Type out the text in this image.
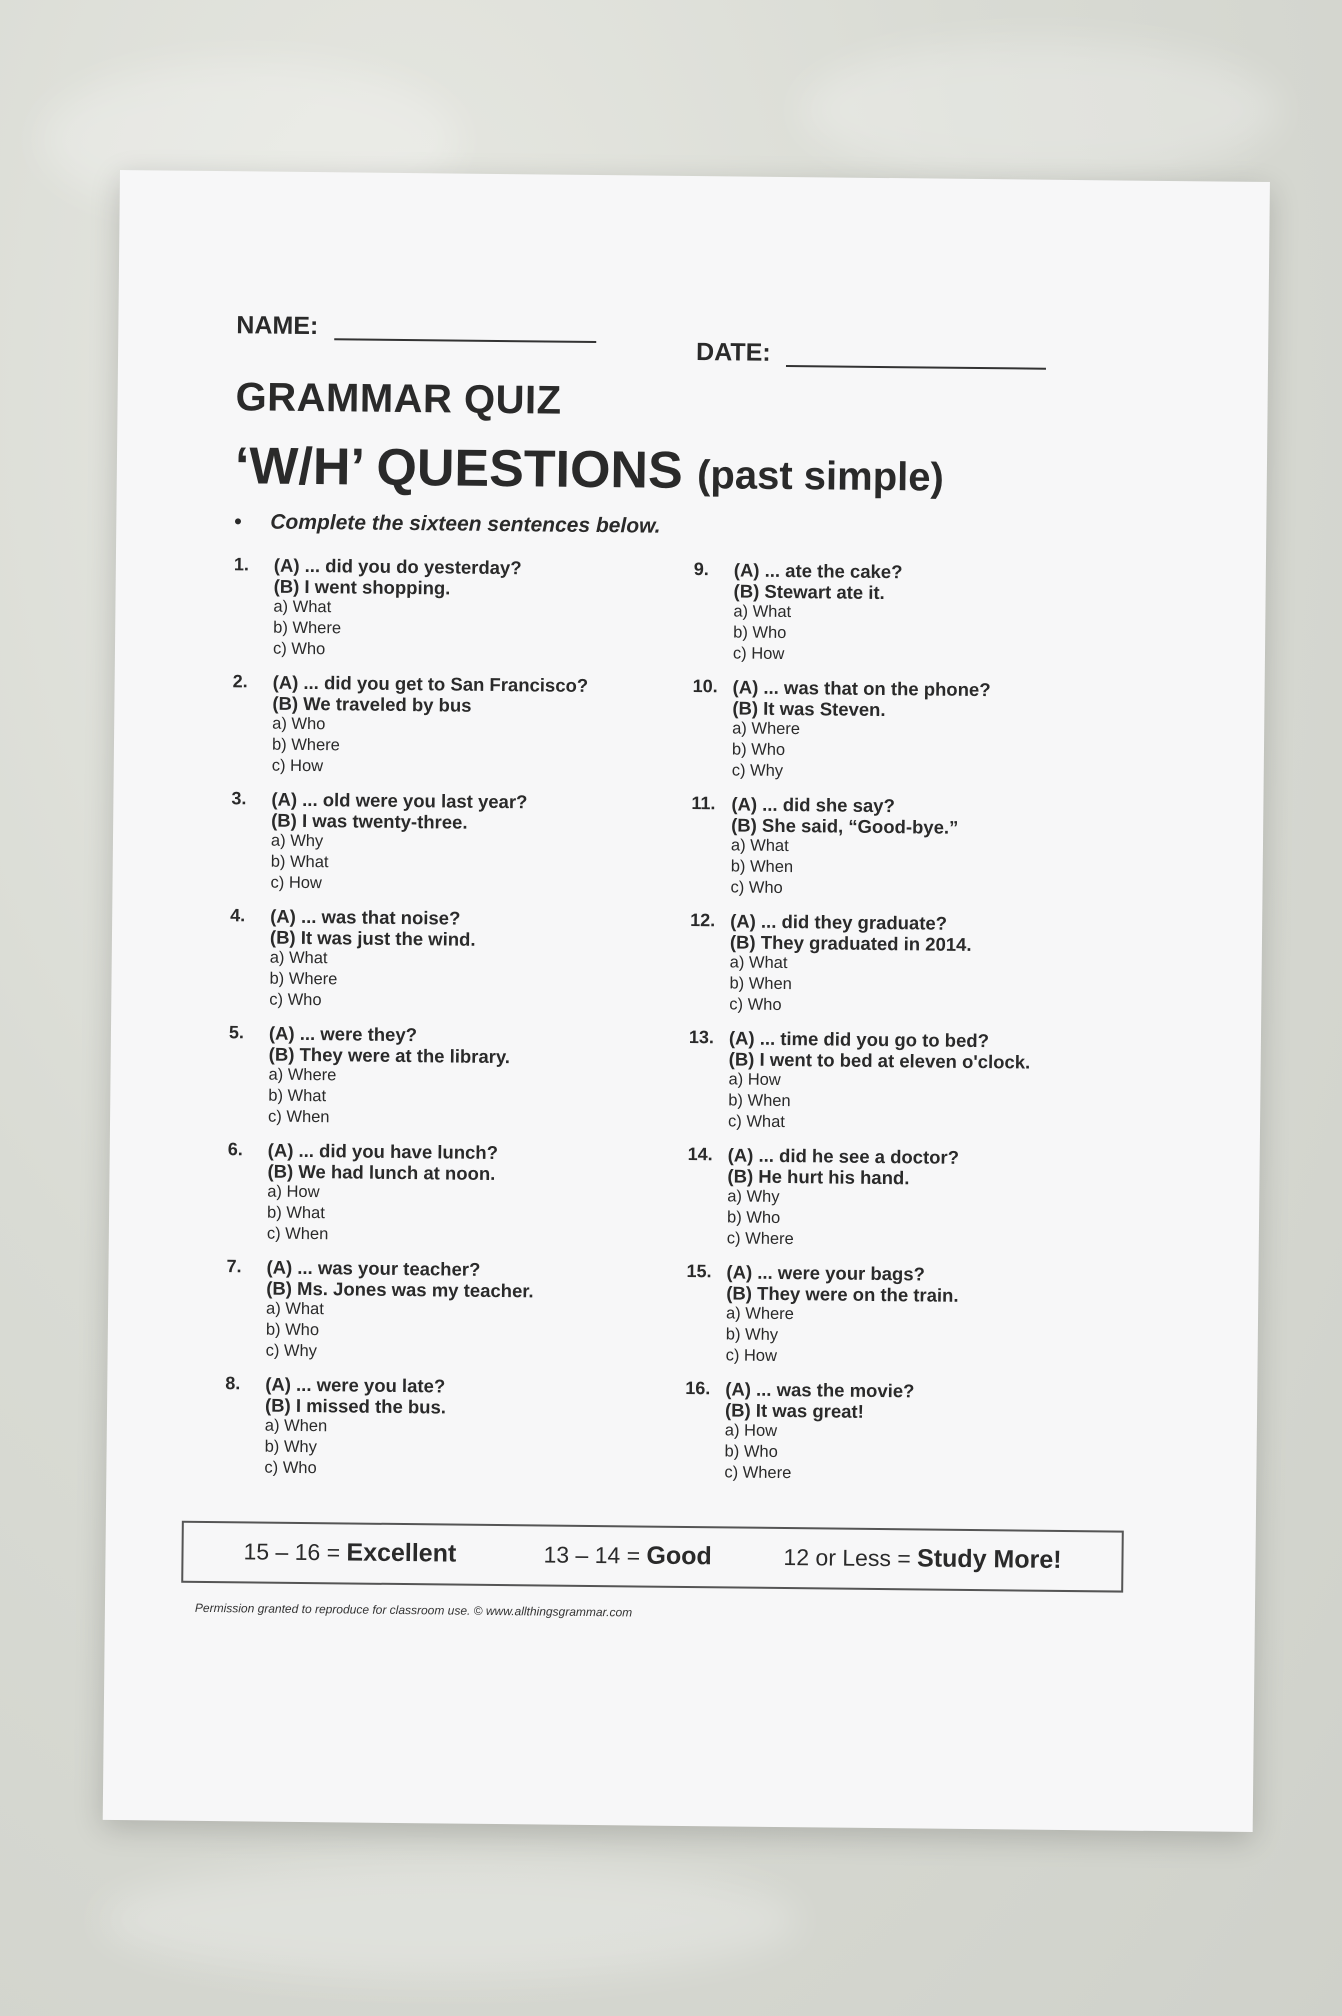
NAME:
DATE:
GRAMMAR QUIZ
‘W/H’ QUESTIONS (past simple)
• Complete the sixteen sentences below.
1. (A) ... did you do yesterday?
(B) I went shopping.
a) What
b) Where
c) Who
2. (A) ... did you get to San Francisco?
(B) We traveled by bus
a) Who
b) Where
c) How
3. (A) ... old were you last year?
(B) I was twenty-three.
a) Why
b) What
c) How
4. (A) ... was that noise?
(B) It was just the wind.
a) What
b) Where
c) Who
5. (A) ... were they?
(B) They were at the library.
a) Where
b) What
c) When
6. (A) ... did you have lunch?
(B) We had lunch at noon.
a) How
b) What
c) When
7. (A) ... was your teacher?
(B) Ms. Jones was my teacher.
a) What
b) Who
c) Why
8. (A) ... were you late?
(B) I missed the bus.
a) When
b) Why
c) Who
9. (A) ... ate the cake?
(B) Stewart ate it.
a) What
b) Who
c) How
10. (A) ... was that on the phone?
(B) It was Steven.
a) Where
b) Who
c) Why
11. (A) ... did she say?
(B) She said, “Good-bye.”
a) What
b) When
c) Who
12. (A) ... did they graduate?
(B) They graduated in 2014.
a) What
b) When
c) Who
13. (A) ... time did you go to bed?
(B) I went to bed at eleven o'clock.
a) How
b) When
c) What
14. (A) ... did he see a doctor?
(B) He hurt his hand.
a) Why
b) Who
c) Where
15. (A) ... were your bags?
(B) They were on the train.
a) Where
b) Why
c) How
16. (A) ... was the movie?
(B) It was great!
a) How
b) Who
c) Where
15 – 16 = Excellent	13 – 14 = Good	12 or Less = Study More!
Permission granted to reproduce for classroom use. © www.allthingsgrammar.com
